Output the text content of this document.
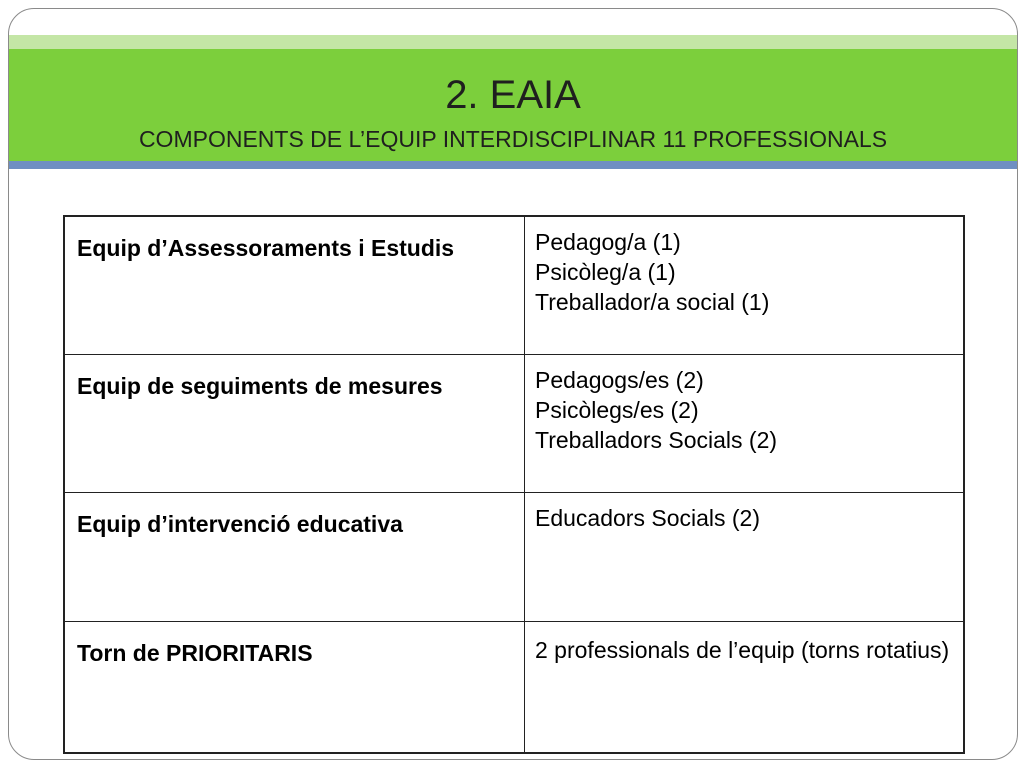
2. EAIA
COMPONENTS DE L’EQUIP INTERDISCIPLINAR 11 PROFESSIONALS
Equip d’Assessoraments i Estudis	Pedagog/a (1)
Psicòleg/a (1)
Treballador/a social (1)

Equip de seguiments de mesures	Pedagogs/es (2)
Psicòlegs/es (2)
Treballadors Socials (2)

Equip d’intervenció educativa	Educadors Socials (2)

Torn de PRIORITARIS	2 professionals de l’equip (torns rotatius)
